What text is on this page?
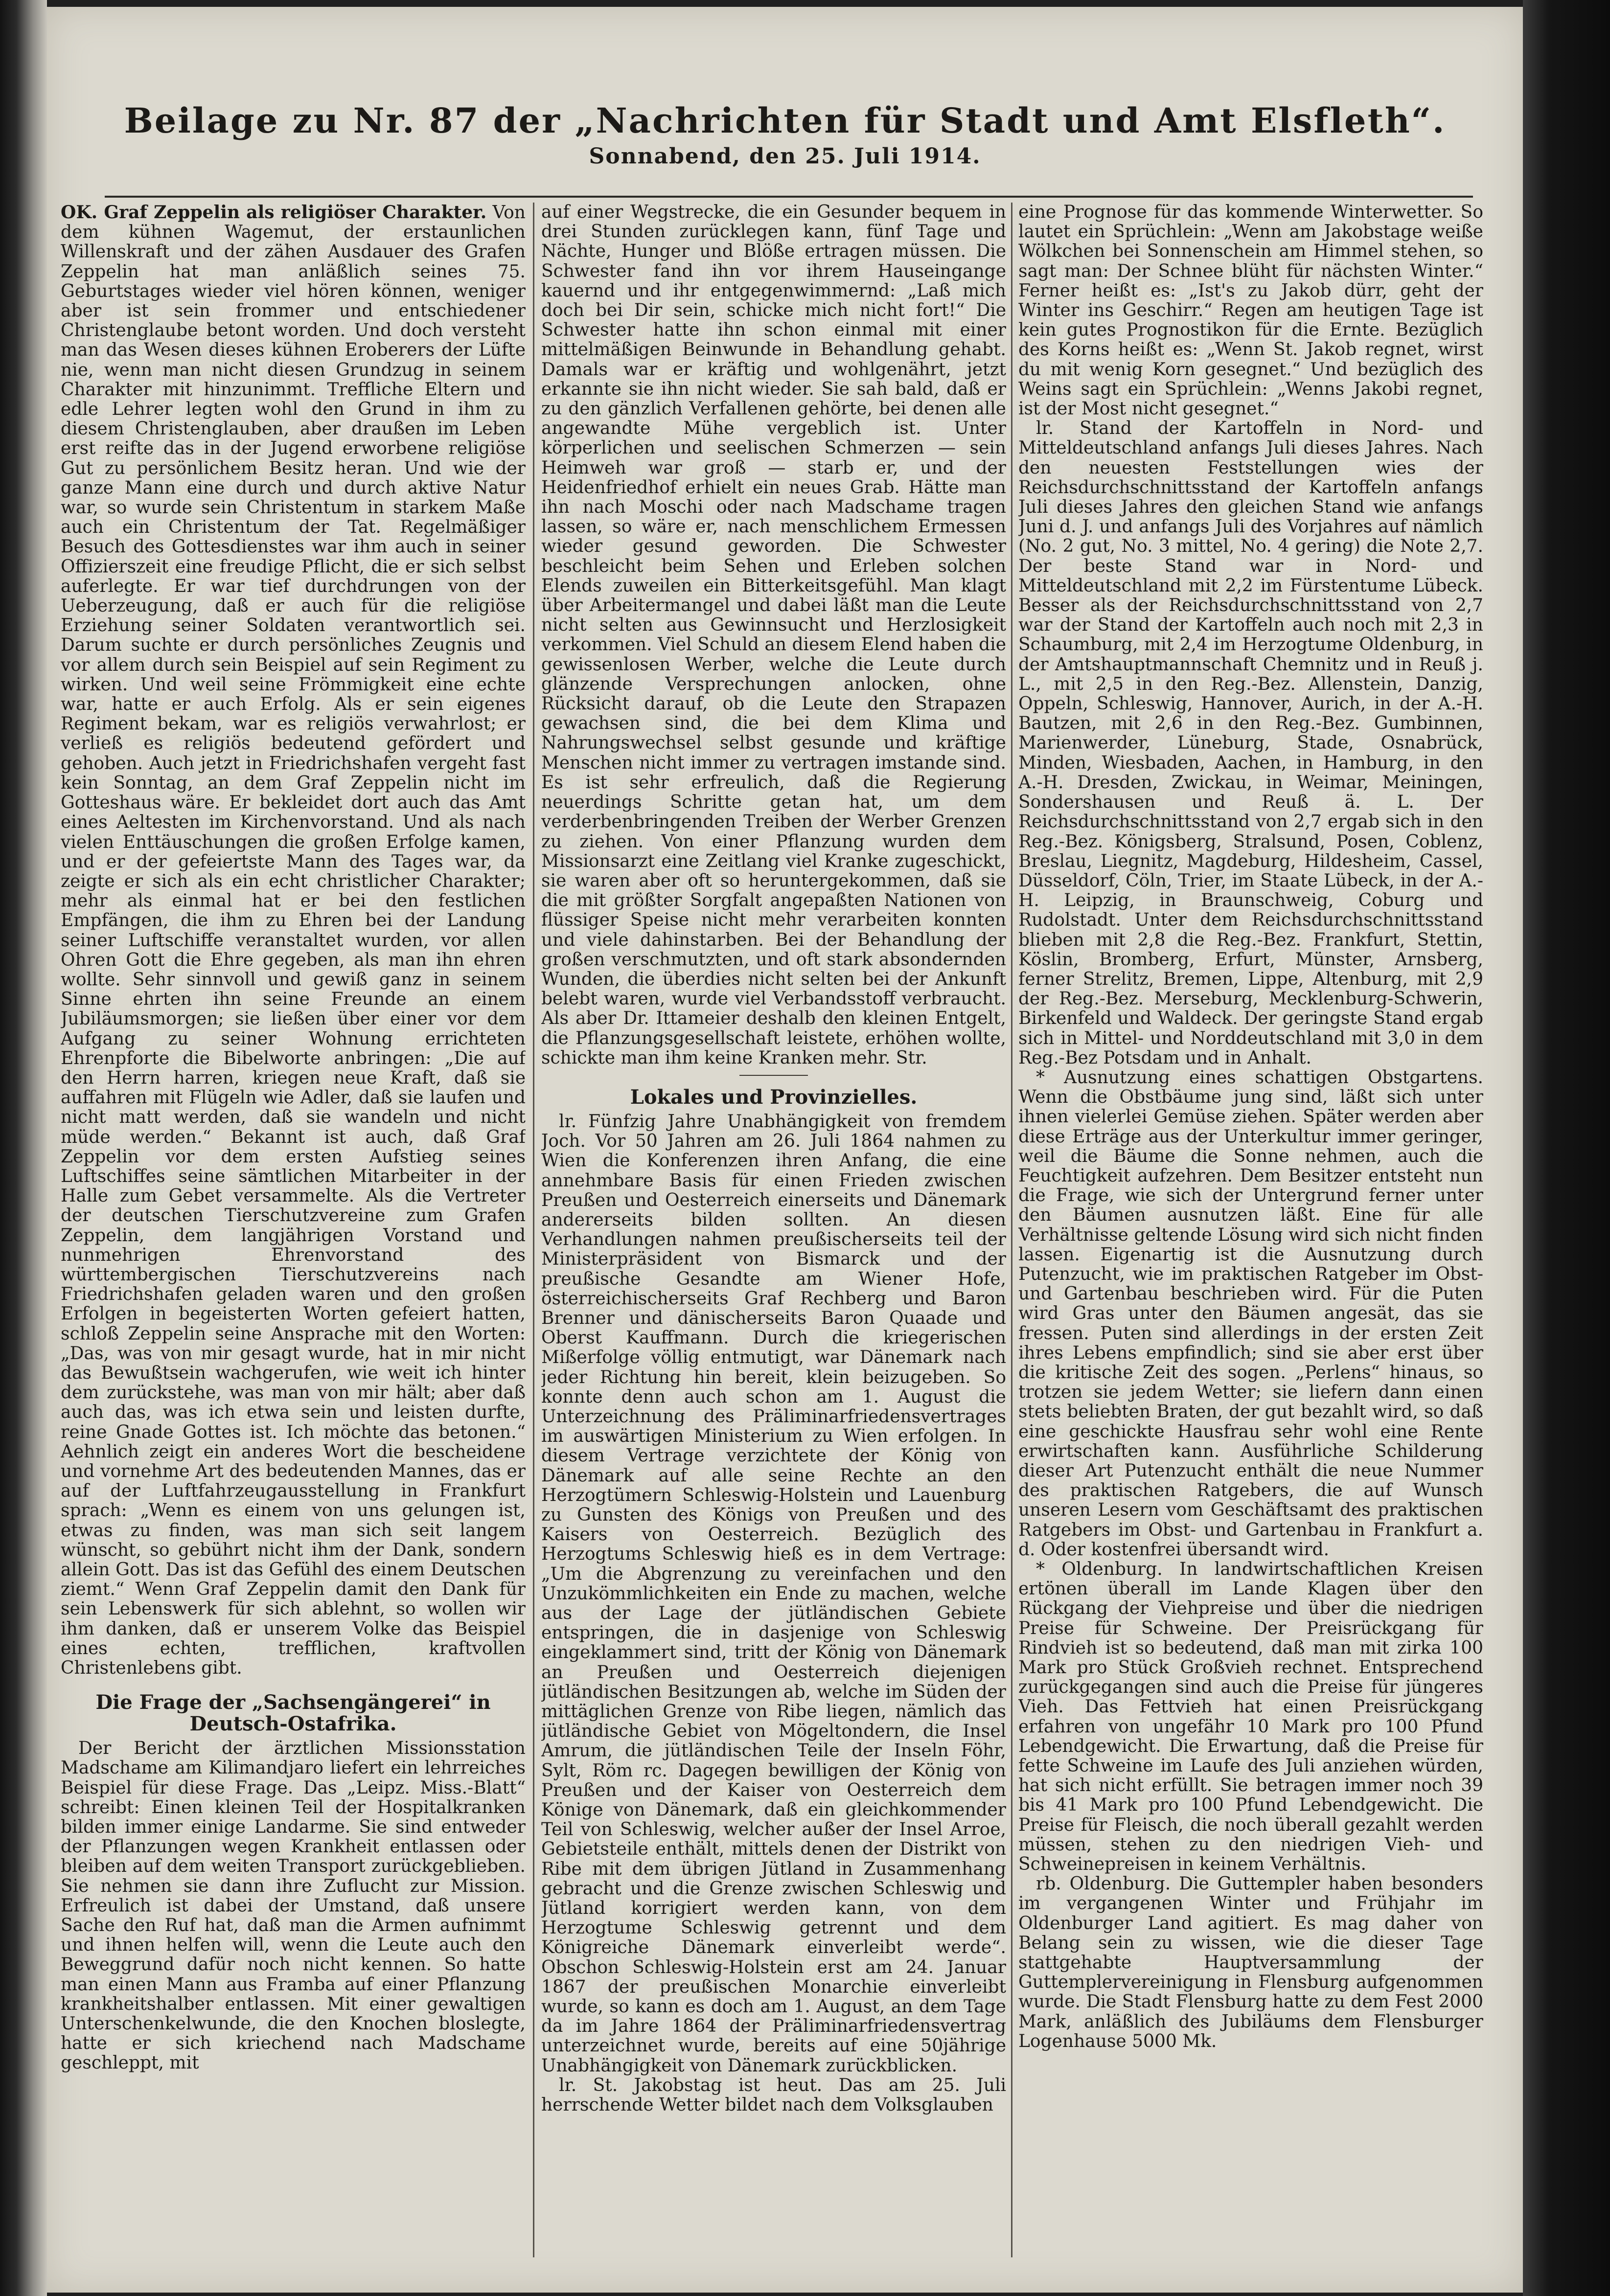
Beilage zu Nr. 87 der „Nachrichten für Stadt und Amt Elsfleth“.
Sonnabend, den 25. Juli 1914.

OK. Graf Zeppelin als religiöser Charakter. Von dem kühnen Wagemut, der erstaunlichen Willenskraft und der zähen Ausdauer des Grafen Zeppelin hat man anläßlich seines 75. Geburtstages wieder viel hören können, weniger aber ist sein frommer und entschiedener Christenglaube betont worden. Und doch versteht man das Wesen dieses kühnen Eroberers der Lüfte nie, wenn man nicht diesen Grundzug in seinem Charakter mit hinzunimmt. Treffliche Eltern und edle Lehrer legten wohl den Grund in ihm zu diesem Christenglauben, aber draußen im Leben erst reifte das in der Jugend erworbene religiöse Gut zu persönlichem Besitz heran. Und wie der ganze Mann eine durch und durch aktive Natur war, so wurde sein Christentum in starkem Maße auch ein Christentum der Tat. Regelmäßiger Besuch des Gottesdienstes war ihm auch in seiner Offizierszeit eine freudige Pflicht, die er sich selbst auferlegte. Er war tief durchdrungen von der Ueberzeugung, daß er auch für die religiöse Erziehung seiner Soldaten verantwortlich sei. Darum suchte er durch persönliches Zeugnis und vor allem durch sein Beispiel auf sein Regiment zu wirken. Und weil seine Frömmigkeit eine echte war, hatte er auch Erfolg. Als er sein eigenes Regiment bekam, war es religiös verwahrlost; er verließ es religiös bedeutend gefördert und gehoben. Auch jetzt in Friedrichshafen vergeht fast kein Sonntag, an dem Graf Zeppelin nicht im Gotteshaus wäre. Er bekleidet dort auch das Amt eines Aeltesten im Kirchenvorstand. Und als nach vielen Enttäuschungen die großen Erfolge kamen, und er der gefeiertste Mann des Tages war, da zeigte er sich als ein echt christlicher Charakter; mehr als einmal hat er bei den festlichen Empfängen, die ihm zu Ehren bei der Landung seiner Luftschiffe veranstaltet wurden, vor allen Ohren Gott die Ehre gegeben, als man ihn ehren wollte. Sehr sinnvoll und gewiß ganz in seinem Sinne ehrten ihn seine Freunde an einem Jubiläumsmorgen; sie ließen über einer vor dem Aufgang zu seiner Wohnung errichteten Ehrenpforte die Bibelworte anbringen: „Die auf den Herrn harren, kriegen neue Kraft, daß sie auffahren mit Flügeln wie Adler, daß sie laufen und nicht matt werden, daß sie wandeln und nicht müde werden.“ Bekannt ist auch, daß Graf Zeppelin vor dem ersten Aufstieg seines Luftschiffes seine sämtlichen Mitarbeiter in der Halle zum Gebet versammelte. Als die Vertreter der deutschen Tierschutzvereine zum Grafen Zeppelin, dem langjährigen Vorstand und nunmehrigen Ehrenvorstand des württembergischen Tierschutzvereins nach Friedrichshafen geladen waren und den großen Erfolgen in begeisterten Worten gefeiert hatten, schloß Zeppelin seine Ansprache mit den Worten: „Das, was von mir gesagt wurde, hat in mir nicht das Bewußtsein wachgerufen, wie weit ich hinter dem zurückstehe, was man von mir hält; aber daß auch das, was ich etwa sein und leisten durfte, reine Gnade Gottes ist. Ich möchte das betonen.“ Aehnlich zeigt ein anderes Wort die bescheidene und vornehme Art des bedeutenden Mannes, das er auf der Luftfahrzeugausstellung in Frankfurt sprach: „Wenn es einem von uns gelungen ist, etwas zu finden, was man sich seit langem wünscht, so gebührt nicht ihm der Dank, sondern allein Gott. Das ist das Gefühl des einem Deutschen ziemt.“ Wenn Graf Zeppelin damit den Dank für sein Lebenswerk für sich ablehnt, so wollen wir ihm danken, daß er unserem Volke das Beispiel eines echten, trefflichen, kraftvollen Christenlebens gibt.

Die Frage der „Sachsengängerei“ in Deutsch-Ostafrika.

Der Bericht der ärztlichen Missionsstation Madschame am Kilimandjaro liefert ein lehrreiches Beispiel für diese Frage. Das „Leipz. Miss.-Blatt“ schreibt: Einen kleinen Teil der Hospitalkranken bilden immer einige Landarme. Sie sind entweder der Pflanzungen wegen Krankheit entlassen oder bleiben auf dem weiten Transport zurückgeblieben. Sie nehmen sie dann ihre Zuflucht zur Mission. Erfreulich ist dabei der Umstand, daß unsere Sache den Ruf hat, daß man die Armen aufnimmt und ihnen helfen will, wenn die Leute auch den Beweggrund dafür noch nicht kennen. So hatte man einen Mann aus Framba auf einer Pflanzung krankheitshalber entlassen. Mit einer gewaltigen Unterschenkelwunde, die den Knochen bloslegte, hatte er sich kriechend nach Madschame geschleppt, mit

auf einer Wegstrecke, die ein Gesunder bequem in drei Stunden zurücklegen kann, fünf Tage und Nächte, Hunger und Blöße ertragen müssen. Die Schwester fand ihn vor ihrem Hauseingange kauernd und ihr entgegenwimmernd: „Laß mich doch bei Dir sein, schicke mich nicht fort!“ Die Schwester hatte ihn schon einmal mit einer mittelmäßigen Beinwunde in Behandlung gehabt. Damals war er kräftig und wohlgenährt, jetzt erkannte sie ihn nicht wieder. Sie sah bald, daß er zu den gänzlich Verfallenen gehörte, bei denen alle angewandte Mühe vergeblich ist. Unter körperlichen und seelischen Schmerzen — sein Heimweh war groß — starb er, und der Heidenfriedhof erhielt ein neues Grab. Hätte man ihn nach Moschi oder nach Madschame tragen lassen, so wäre er, nach menschlichem Ermessen wieder gesund geworden. Die Schwester beschleicht beim Sehen und Erleben solchen Elends zuweilen ein Bitterkeitsgefühl. Man klagt über Arbeitermangel und dabei läßt man die Leute nicht selten aus Gewinnsucht und Herzlosigkeit verkommen. Viel Schuld an diesem Elend haben die gewissenlosen Werber, welche die Leute durch glänzende Versprechungen anlocken, ohne Rücksicht darauf, ob die Leute den Strapazen gewachsen sind, die bei dem Klima und Nahrungswechsel selbst gesunde und kräftige Menschen nicht immer zu vertragen imstande sind. Es ist sehr erfreulich, daß die Regierung neuerdings Schritte getan hat, um dem verderbenbringenden Treiben der Werber Grenzen zu ziehen. Von einer Pflanzung wurden dem Missionsarzt eine Zeitlang viel Kranke zugeschickt, sie waren aber oft so heruntergekommen, daß sie die mit größter Sorgfalt angepaßten Nationen von flüssiger Speise nicht mehr verarbeiten konnten und viele dahinstarben. Bei der Behandlung der großen verschmutzten, und oft stark absondernden Wunden, die überdies nicht selten bei der Ankunft belebt waren, wurde viel Verbandsstoff verbraucht. Als aber Dr. Ittameier deshalb den kleinen Entgelt, die Pflanzungsgesellschaft leistete, erhöhen wollte, schickte man ihm keine Kranken mehr. Str.

Lokales und Provinzielles.

lr. Fünfzig Jahre Unabhängigkeit von fremdem Joch. Vor 50 Jahren am 26. Juli 1864 nahmen zu Wien die Konferenzen ihren Anfang, die eine annehmbare Basis für einen Frieden zwischen Preußen und Oesterreich einerseits und Dänemark andererseits bilden sollten. An diesen Verhandlungen nahmen preußischerseits teil der Ministerpräsident von Bismarck und der preußische Gesandte am Wiener Hofe, österreichischerseits Graf Rechberg und Baron Brenner und dänischerseits Baron Quaade und Oberst Kauffmann. Durch die kriegerischen Mißerfolge völlig entmutigt, war Dänemark nach jeder Richtung hin bereit, klein beizugeben. So konnte denn auch schon am 1. August die Unterzeichnung des Präliminarfriedensvertrages im auswärtigen Ministerium zu Wien erfolgen. In diesem Vertrage verzichtete der König von Dänemark auf alle seine Rechte an den Herzogtümern Schleswig-Holstein und Lauenburg zu Gunsten des Königs von Preußen und des Kaisers von Oesterreich. Bezüglich des Herzogtums Schleswig hieß es in dem Vertrage: „Um die Abgrenzung zu vereinfachen und den Unzukömmlichkeiten ein Ende zu machen, welche aus der Lage der jütländischen Gebiete entspringen, die in dasjenige von Schleswig eingeklammert sind, tritt der König von Dänemark an Preußen und Oesterreich diejenigen jütländischen Besitzungen ab, welche im Süden der mittäglichen Grenze von Ribe liegen, nämlich das jütländische Gebiet von Mögeltondern, die Insel Amrum, die jütländischen Teile der Inseln Föhr, Sylt, Röm rc. Dagegen bewilligen der König von Preußen und der Kaiser von Oesterreich dem Könige von Dänemark, daß ein gleichkommender Teil von Schleswig, welcher außer der Insel Arroe, Gebietsteile enthält, mittels denen der Distrikt von Ribe mit dem übrigen Jütland in Zusammenhang gebracht und die Grenze zwischen Schleswig und Jütland korrigiert werden kann, von dem Herzogtume Schleswig getrennt und dem Königreiche Dänemark einverleibt werde“. Obschon Schleswig-Holstein erst am 24. Januar 1867 der preußischen Monarchie einverleibt wurde, so kann es doch am 1. August, an dem Tage da im Jahre 1864 der Präliminarfriedensvertrag unterzeichnet wurde, bereits auf eine 50jährige Unabhängigkeit von Dänemark zurückblicken.

lr. St. Jakobstag ist heut. Das am 25. Juli herrschende Wetter bildet nach dem Volksglauben

eine Prognose für das kommende Winterwetter. So lautet ein Sprüchlein: „Wenn am Jakobstage weiße Wölkchen bei Sonnenschein am Himmel stehen, so sagt man: Der Schnee blüht für nächsten Winter.“ Ferner heißt es: „Ist's zu Jakob dürr, geht der Winter ins Geschirr.“ Regen am heutigen Tage ist kein gutes Prognostikon für die Ernte. Bezüglich des Korns heißt es: „Wenn St. Jakob regnet, wirst du mit wenig Korn gesegnet.“ Und bezüglich des Weins sagt ein Sprüchlein: „Wenns Jakobi regnet, ist der Most nicht gesegnet.“

lr. Stand der Kartoffeln in Nord- und Mitteldeutschland anfangs Juli dieses Jahres. Nach den neuesten Feststellungen wies der Reichsdurchschnittsstand der Kartoffeln anfangs Juli dieses Jahres den gleichen Stand wie anfangs Juni d. J. und anfangs Juli des Vorjahres auf nämlich (No. 2 gut, No. 3 mittel, No. 4 gering) die Note 2,7. Der beste Stand war in Nord- und Mitteldeutschland mit 2,2 im Fürstentume Lübeck. Besser als der Reichsdurchschnittsstand von 2,7 war der Stand der Kartoffeln auch noch mit 2,3 in Schaumburg, mit 2,4 im Herzogtume Oldenburg, in der Amtshauptmannschaft Chemnitz und in Reuß j. L., mit 2,5 in den Reg.-Bez. Allenstein, Danzig, Oppeln, Schleswig, Hannover, Aurich, in der A.-H. Bautzen, mit 2,6 in den Reg.-Bez. Gumbinnen, Marienwerder, Lüneburg, Stade, Osnabrück, Minden, Wiesbaden, Aachen, in Hamburg, in den A.-H. Dresden, Zwickau, in Weimar, Meiningen, Sondershausen und Reuß ä. L. Der Reichsdurchschnittsstand von 2,7 ergab sich in den Reg.-Bez. Königsberg, Stralsund, Posen, Coblenz, Breslau, Liegnitz, Magdeburg, Hildesheim, Cassel, Düsseldorf, Cöln, Trier, im Staate Lübeck, in der A.-H. Leipzig, in Braunschweig, Coburg und Rudolstadt. Unter dem Reichsdurchschnittsstand blieben mit 2,8 die Reg.-Bez. Frankfurt, Stettin, Köslin, Bromberg, Erfurt, Münster, Arnsberg, ferner Strelitz, Bremen, Lippe, Altenburg, mit 2,9 der Reg.-Bez. Merseburg, Mecklenburg-Schwerin, Birkenfeld und Waldeck. Der geringste Stand ergab sich in Mittel- und Norddeutschland mit 3,0 in dem Reg.-Bez Potsdam und in Anhalt.

* Ausnutzung eines schattigen Obstgartens. Wenn die Obstbäume jung sind, läßt sich unter ihnen vielerlei Gemüse ziehen. Später werden aber diese Erträge aus der Unterkultur immer geringer, weil die Bäume die Sonne nehmen, auch die Feuchtigkeit aufzehren. Dem Besitzer entsteht nun die Frage, wie sich der Untergrund ferner unter den Bäumen ausnutzen läßt. Eine für alle Verhältnisse geltende Lösung wird sich nicht finden lassen. Eigenartig ist die Ausnutzung durch Putenzucht, wie im praktischen Ratgeber im Obst- und Gartenbau beschrieben wird. Für die Puten wird Gras unter den Bäumen angesät, das sie fressen. Puten sind allerdings in der ersten Zeit ihres Lebens empfindlich; sind sie aber erst über die kritische Zeit des sogen. „Perlens“ hinaus, so trotzen sie jedem Wetter; sie liefern dann einen stets beliebten Braten, der gut bezahlt wird, so daß eine geschickte Hausfrau sehr wohl eine Rente erwirtschaften kann. Ausführliche Schilderung dieser Art Putenzucht enthält die neue Nummer des praktischen Ratgebers, die auf Wunsch unseren Lesern vom Geschäftsamt des praktischen Ratgebers im Obst- und Gartenbau in Frankfurt a. d. Oder kostenfrei übersandt wird.

* Oldenburg. In landwirtschaftlichen Kreisen ertönen überall im Lande Klagen über den Rückgang der Viehpreise und über die niedrigen Preise für Schweine. Der Preisrückgang für Rindvieh ist so bedeutend, daß man mit zirka 100 Mark pro Stück Großvieh rechnet. Entsprechend zurückgegangen sind auch die Preise für jüngeres Vieh. Das Fettvieh hat einen Preisrückgang erfahren von ungefähr 10 Mark pro 100 Pfund Lebendgewicht. Die Erwartung, daß die Preise für fette Schweine im Laufe des Juli anziehen würden, hat sich nicht erfüllt. Sie betragen immer noch 39 bis 41 Mark pro 100 Pfund Lebendgewicht. Die Preise für Fleisch, die noch überall gezahlt werden müssen, stehen zu den niedrigen Vieh- und Schweinepreisen in keinem Verhältnis.

rb. Oldenburg. Die Guttempler haben besonders im vergangenen Winter und Frühjahr im Oldenburger Land agitiert. Es mag daher von Belang sein zu wissen, wie die dieser Tage stattgehabte Hauptversammlung der Guttemplervereinigung in Flensburg aufgenommen wurde. Die Stadt Flensburg hatte zu dem Fest 2000 Mark, anläßlich des Jubiläums dem Flensburger Logenhause 5000 Mk.
